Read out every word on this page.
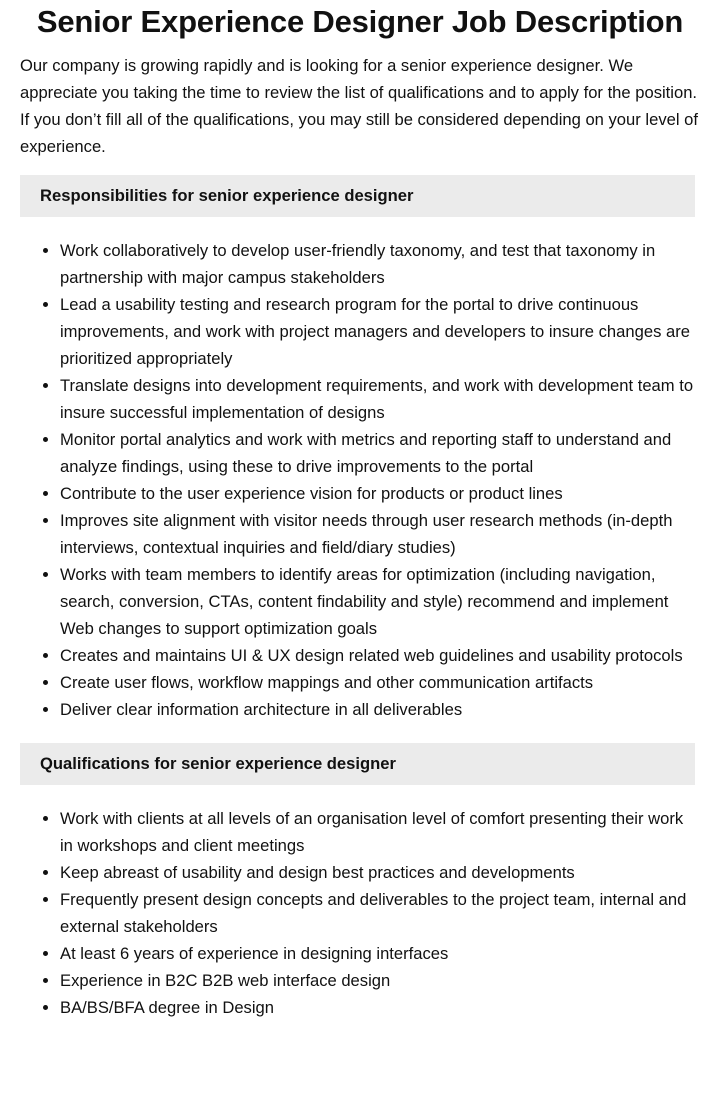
Senior Experience Designer Job Description

Our company is growing rapidly and is looking for a senior experience designer. We appreciate you taking the time to review the list of qualifications and to apply for the position. If you don’t fill all of the qualifications, you may still be considered depending on your level of experience.

Responsibilities for senior experience designer
• Work collaboratively to develop user-friendly taxonomy, and test that taxonomy in partnership with major campus stakeholders
• Lead a usability testing and research program for the portal to drive continuous improvements, and work with project managers and developers to insure changes are prioritized appropriately
• Translate designs into development requirements, and work with development team to insure successful implementation of designs
• Monitor portal analytics and work with metrics and reporting staff to understand and analyze findings, using these to drive improvements to the portal
• Contribute to the user experience vision for products or product lines
• Improves site alignment with visitor needs through user research methods (in-depth interviews, contextual inquiries and field/diary studies)
• Works with team members to identify areas for optimization (including navigation, search, conversion, CTAs, content findability and style) recommend and implement Web changes to support optimization goals
• Creates and maintains UI & UX design related web guidelines and usability protocols
• Create user flows, workflow mappings and other communication artifacts
• Deliver clear information architecture in all deliverables
Qualifications for senior experience designer
• Work with clients at all levels of an organisation level of comfort presenting their work in workshops and client meetings
• Keep abreast of usability and design best practices and developments
• Frequently present design concepts and deliverables to the project team, internal and external stakeholders
• At least 6 years of experience in designing interfaces
• Experience in B2C B2B web interface design
• BA/BS/BFA degree in Design
